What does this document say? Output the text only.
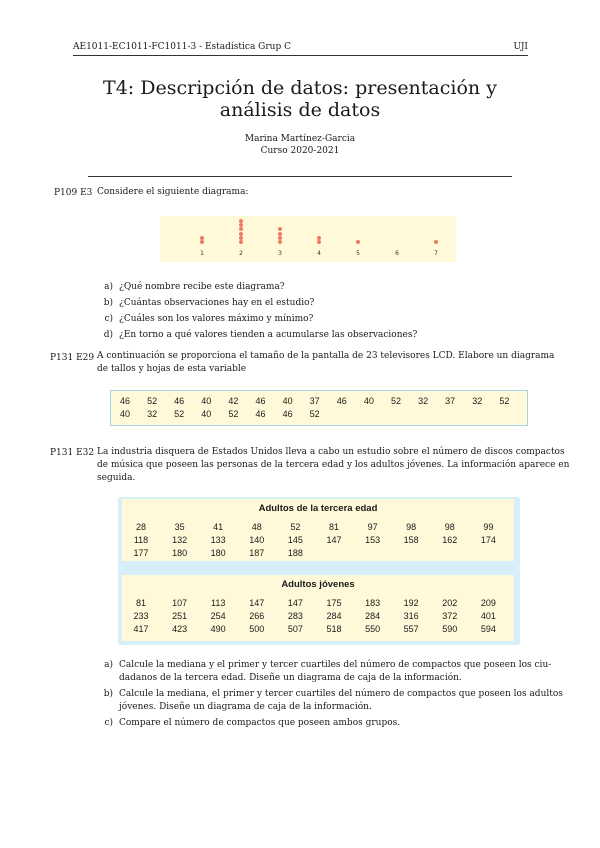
AE1011-EC1011-FC1011-3 - Estadística Grup C	UJI
T4: Descripción de datos: presentación y análisis de datos
Marina Martínez-Garcia
Curso 2020-2021
P109 E3 Considere el siguiente diagrama:
1	2	3	4	5	6	7
a) ¿Qué nombre recibe este diagrama?
b) ¿Cuántas observaciones hay en el estudio?
c) ¿Cuáles son los valores máximo y mínimo?
d) ¿En torno a qué valores tienden a acumularse las observaciones?
P131 E29 A continuación se proporciona el tamaño de la pantalla de 23 televisores LCD. Elabore un diagrama
de tallos y hojas de esta variable
46	52	46	40	42	46	40	37	46	40	52	32	37	32	52
40	32	52	40	52	46	46	52
P131 E32 La industria disquera de Estados Unidos lleva a cabo un estudio sobre el número de discos compactos
de música que poseen las personas de la tercera edad y los adultos jóvenes. La información aparece en
seguida.
Adultos de la tercera edad
28	35	41	48	52	81	97	98	98	99
118	132	133	140	145	147	153	158	162	174
177	180	180	187	188
Adultos jóvenes
81	107	113	147	147	175	183	192	202	209
233	251	254	266	283	284	284	316	372	401
417	423	490	500	507	518	550	557	590	594
a) Calcule la mediana y el primer y tercer cuartiles del número de compactos que poseen los ciu-
dadanos de la tercera edad. Diseñe un diagrama de caja de la información.
b) Calcule la mediana, el primer y tercer cuartiles del número de compactos que poseen los adultos
jóvenes. Diseñe un diagrama de caja de la información.
c) Compare el número de compactos que poseen ambos grupos.
